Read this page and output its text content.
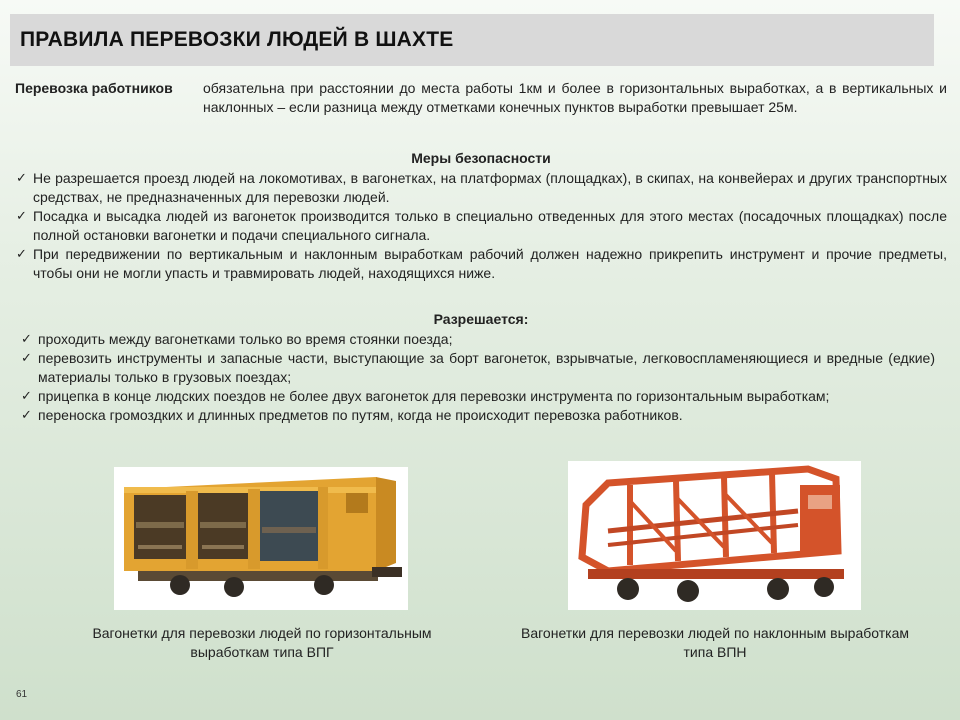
ПРАВИЛА ПЕРЕВОЗКИ ЛЮДЕЙ В ШАХТЕ
Перевозка работников обязательна при расстоянии до места работы 1км и более в горизонтальных выработках, а в вертикальных и наклонных – если разница между отметками конечных пунктов выработки превышает 25м.
Меры безопасности
✓ Не разрешается проезд людей на локомотивах, в вагонетках, на платформах (площадках), в скипах, на конвейерах и других транспортных средствах, не предназначенных для перевозки людей.
✓ Посадка и высадка людей из вагонеток производится только в специально отведенных для этого местах (посадочных площадках) после полной остановки вагонетки и подачи специального сигнала.
✓ При передвижении по вертикальным и наклонным выработкам рабочий должен надежно прикрепить инструмент и прочие предметы, чтобы они не могли упасть и травмировать людей, находящихся ниже.
Разрешается:
✓ проходить между вагонетками только во время стоянки поезда;
✓ перевозить инструменты и запасные части, выступающие за борт вагонеток, взрывчатые, легковоспламеняющиеся и вредные (едкие) материалы только в грузовых поездах;
✓ прицепка в конце людских поездов не более двух вагонеток для перевозки инструмента по горизонтальным выработкам;
✓ переноска громоздких и длинных предметов по путям, когда не происходит перевозка работников.
Вагонетки для перевозки людей по горизонтальным выработкам типа ВПГ
Вагонетки для перевозки людей по наклонным выработкам типа ВПН
61
